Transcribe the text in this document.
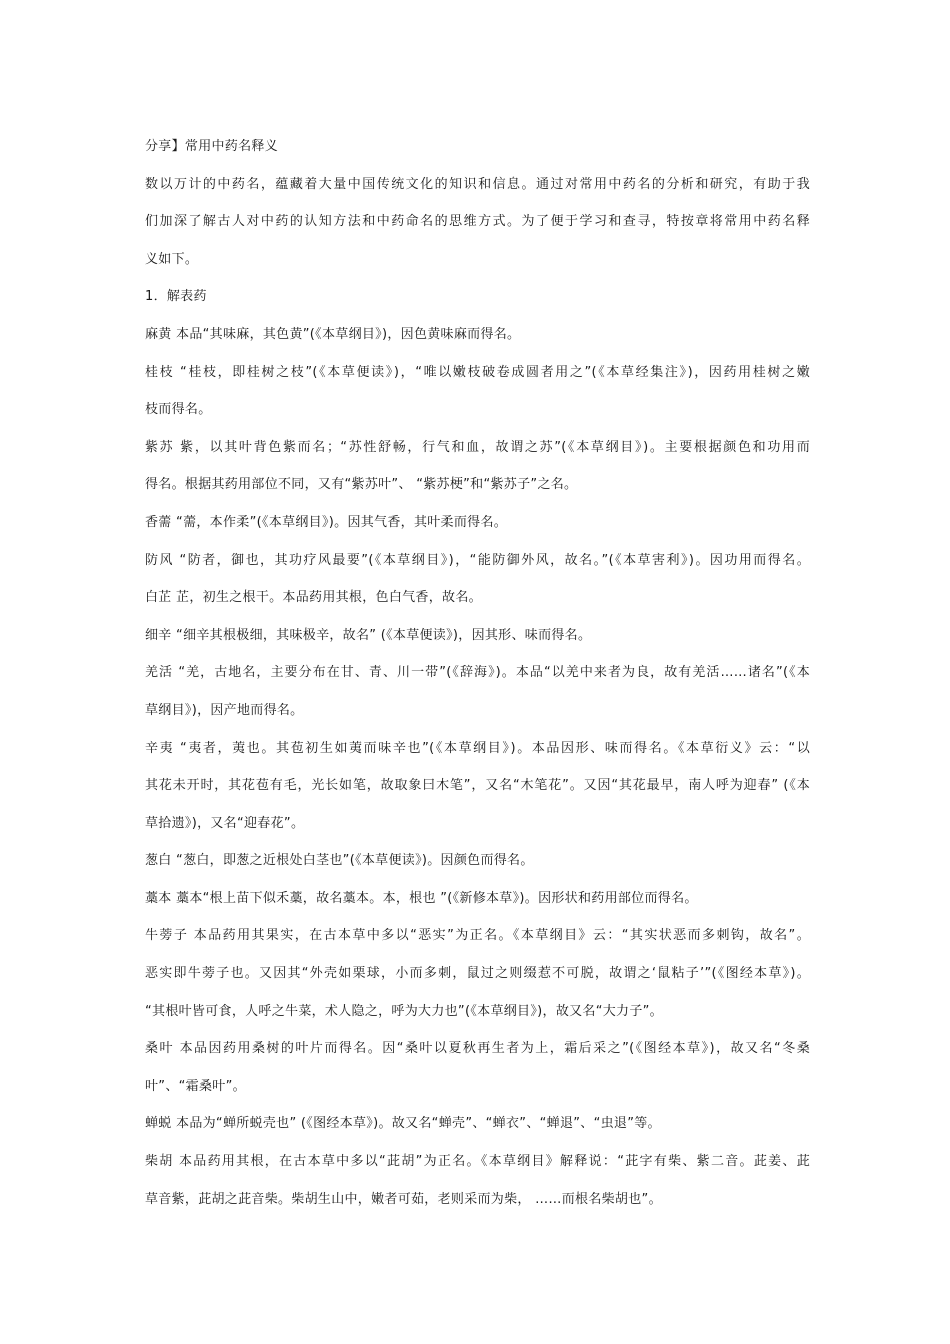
分享】常用中药名释义
数以万计的中药名，蕴藏着大量中国传统文化的知识和信息。通过对常用中药名的分析和研究，有助于我
们加深了解古人对中药的认知方法和中药命名的思维方式。为了便于学习和查寻，特按章将常用中药名释
义如下。
1．解表药
麻黄 本品“其味麻，其色黄”(《本草纲目》)，因色黄味麻而得名。
桂枝 “桂枝，即桂树之枝”(《本草便读》)，“唯以嫩枝破卷成圆者用之”(《本草经集注》)，因药用桂树之嫩
枝而得名。
紫苏 紫，以其叶背色紫而名；“苏性舒畅，行气和血，故谓之苏”(《本草纲目》)。主要根据颜色和功用而
得名。根据其药用部位不同，又有“紫苏叶”、 “紫苏梗”和“紫苏子”之名。
香薷 “薷，本作柔”(《本草纲目》)。因其气香，其叶柔而得名。
防风 “防者，御也，其功疗风最要”(《本草纲目》)，“能防御外风，故名。”(《本草害利》)。因功用而得名。
白芷 芷，初生之根干。本品药用其根，色白气香，故名。
细辛 “细辛其根极细，其味极辛，故名” (《本草便读》)，因其形、味而得名。
羌活 “羌，古地名，主要分布在甘、青、川一带”(《辞海》)。本品“以羌中来者为良，故有羌活……诸名”(《本
草纲目》)，因产地而得名。
辛夷 “夷者，荑也。其苞初生如荑而味辛也”(《本草纲目》)。本品因形、味而得名。《本草衍义》云：“以
其花未开时，其花苞有毛，光长如笔，故取象曰木笔”，又名“木笔花”。又因“其花最早，南人呼为迎春” (《本
草拾遗》)，又名“迎春花”。
葱白 “葱白，即葱之近根处白茎也”(《本草便读》)。因颜色而得名。
藁本 藁本“根上苗下似禾藁，故名藁本。本，根也 ”(《新修本草》)。因形状和药用部位而得名。
牛蒡子 本品药用其果实，在古本草中多以“恶实”为正名。《本草纲目》云：“其实状恶而多刺钩，故名”。
恶实即牛蒡子也。又因其“外壳如栗球，小而多刺，鼠过之则缀惹不可脱，故谓之‘鼠粘子’”(《图经本草》)。
“其根叶皆可食，人呼之牛菜，术人隐之，呼为大力也”(《本草纲目》)，故又名“大力子”。
桑叶 本品因药用桑树的叶片而得名。因“桑叶以夏秋再生者为上，霜后采之”(《图经本草》)，故又名“冬桑
叶”、“霜桑叶”。
蝉蜕 本品为“蝉所蜕壳也” (《图经本草》)。故又名“蝉壳”、“蝉衣”、“蝉退”、“虫退”等。
柴胡 本品药用其根，在古本草中多以“茈胡”为正名。《本草纲目》解释说：“茈字有柴、紫二音。茈姜、茈
草音紫，茈胡之茈音柴。柴胡生山中，嫩者可茹，老则采而为柴， ……而根名柴胡也”。
